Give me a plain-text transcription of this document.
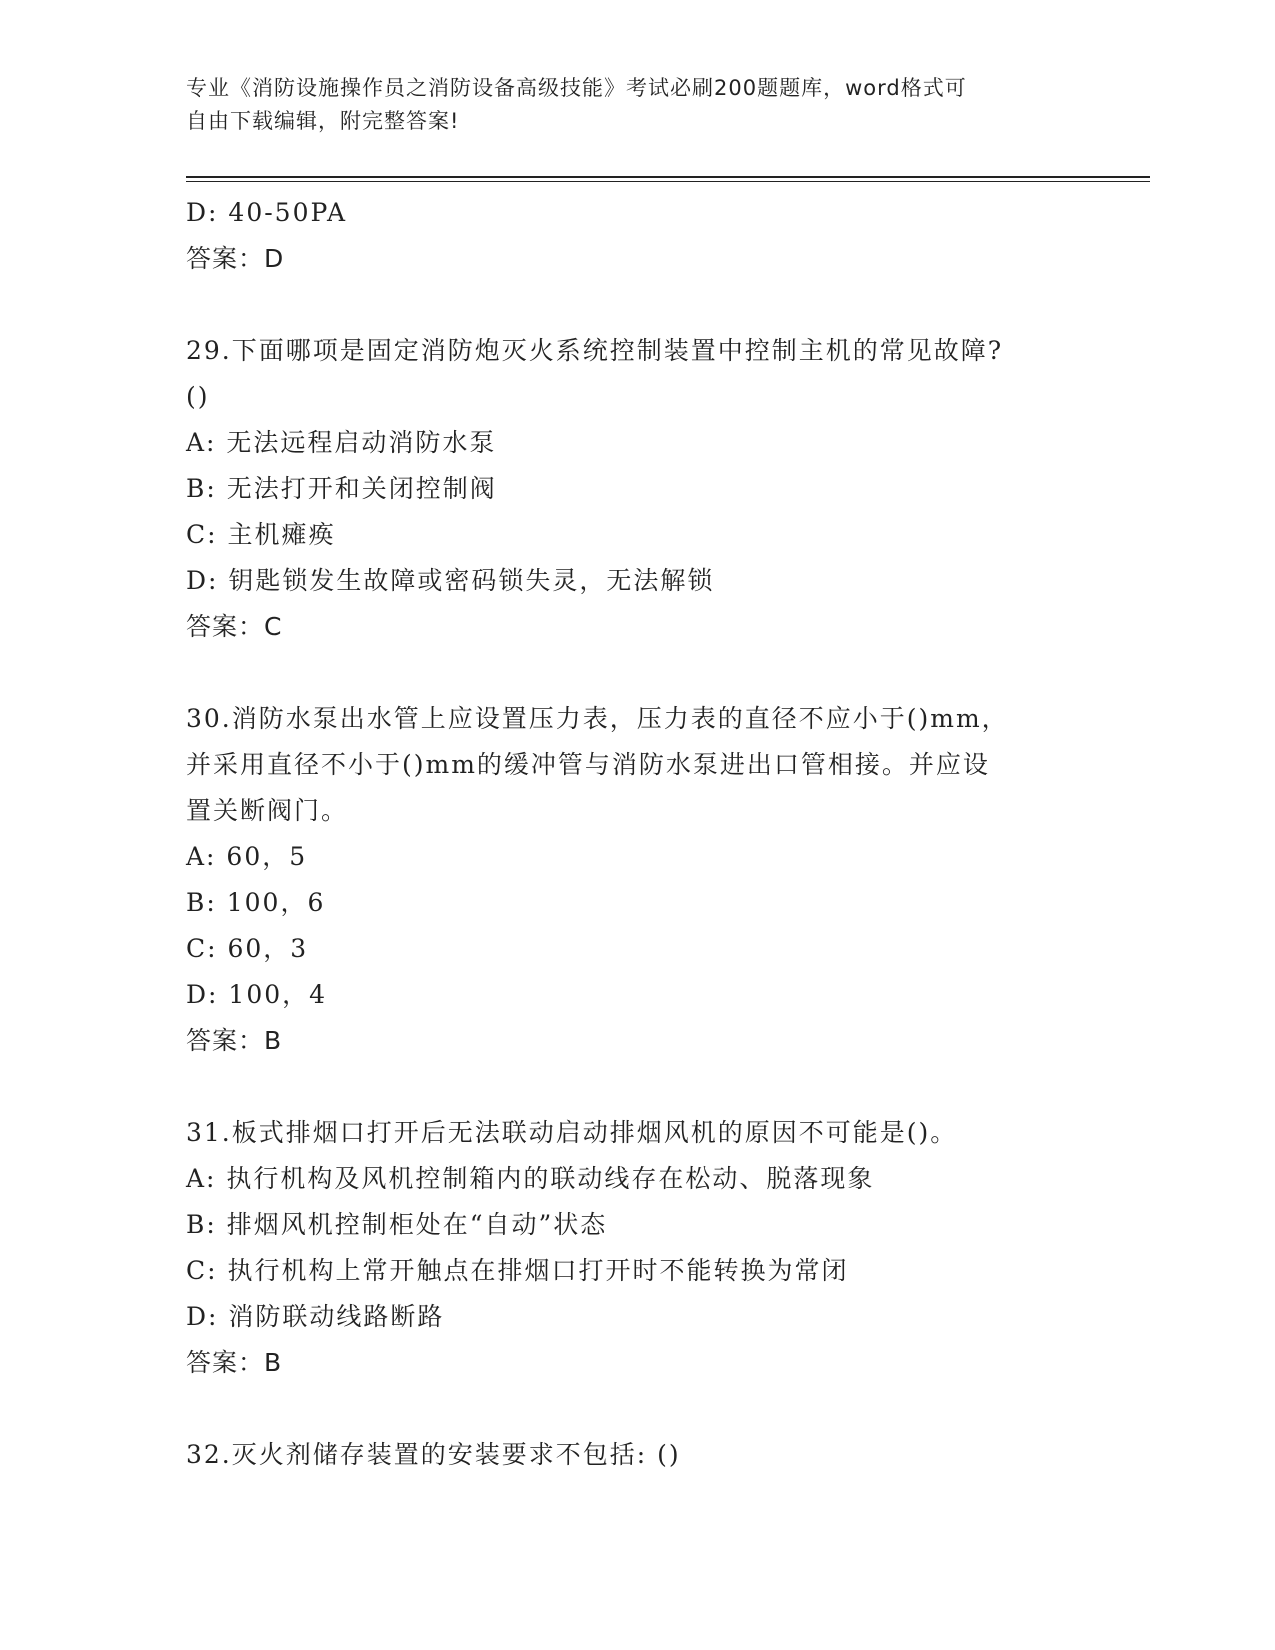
专业《消防设施操作员之消防设备高级技能》考试必刷200题题库，word格式可
自由下载编辑，附完整答案!
D: 40-50PA
答案：D
29.下面哪项是固定消防炮灭火系统控制装置中控制主机的常见故障?
()
A: 无法远程启动消防水泵
B: 无法打开和关闭控制阀
C: 主机瘫痪
D: 钥匙锁发生故障或密码锁失灵，无法解锁
答案：C
30.消防水泵出水管上应设置压力表，压力表的直径不应小于()mm，
并采用直径不小于()mm的缓冲管与消防水泵进出口管相接。并应设
置关断阀门。
A: 60，5
B: 100，6
C: 60，3
D: 100，4
答案：B
31.板式排烟口打开后无法联动启动排烟风机的原因不可能是()。
A: 执行机构及风机控制箱内的联动线存在松动、脱落现象
B: 排烟风机控制柜处在“自动”状态
C: 执行机构上常开触点在排烟口打开时不能转换为常闭
D: 消防联动线路断路
答案：B
32.灭火剂储存装置的安装要求不包括: ()
